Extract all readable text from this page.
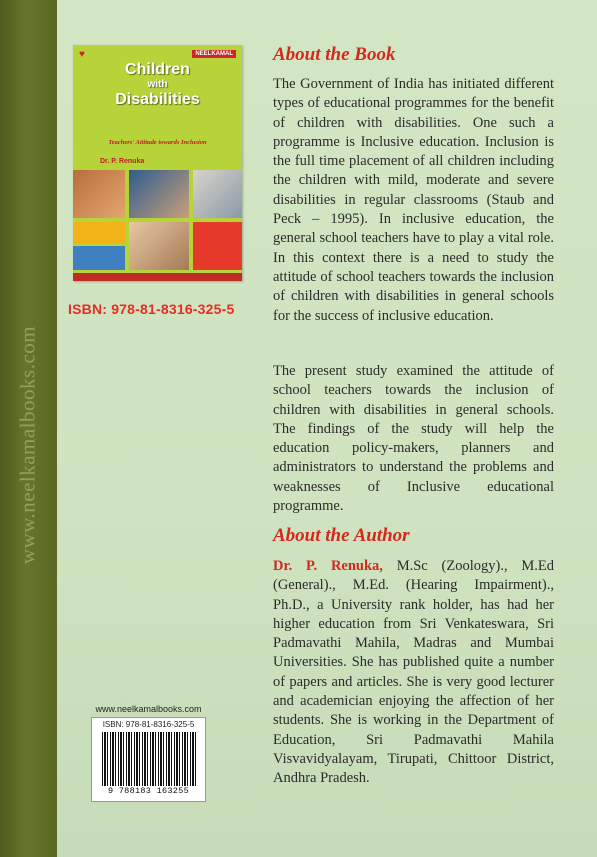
www.neelkamalbooks.com
♥	NEELKAMAL
Children
with
Disabilities
Teachers' Attitude towards Inclusion
Dr. P. Renuka
ISBN: 978-81-8316-325-5
About the Book
The Government of India has initiated different types of educational programmes for the benefit of children with disabilities. One such a programme is Inclusive education. Inclusion is the full time placement of all children including the children with mild, moderate and severe disabilities in regular classrooms (Staub and Peck – 1995). In inclusive education, the general school teachers have to play a vital role. In this context there is a need to study the attitude of school teachers towards the inclusion of children with disabilities in general schools for the success of inclusive education.
The present study examined the attitude of school teachers towards the inclusion of children with disabilities in general schools. The findings of the study will help the education policy-makers, planners and administrators to understand the problems and weaknesses of Inclusive educational programme.
About the Author
Dr. P. Renuka, M.Sc (Zoology)., M.Ed (General)., M.Ed. (Hearing Impairment)., Ph.D., a University rank holder, has had her higher education from Sri Venkateswara, Sri Padmavathi Mahila, Madras and Mumbai Universities. She has published quite a number of papers and articles. She is very good lecturer and academician enjoying the affection of her students. She is working in the Department of Education, Sri Padmavathi Mahila Visvavidyalayam, Tirupati, Chittoor District, Andhra Pradesh.
www.neelkamalbooks.com
ISBN: 978-81-8316-325-5
9 788183 163255
